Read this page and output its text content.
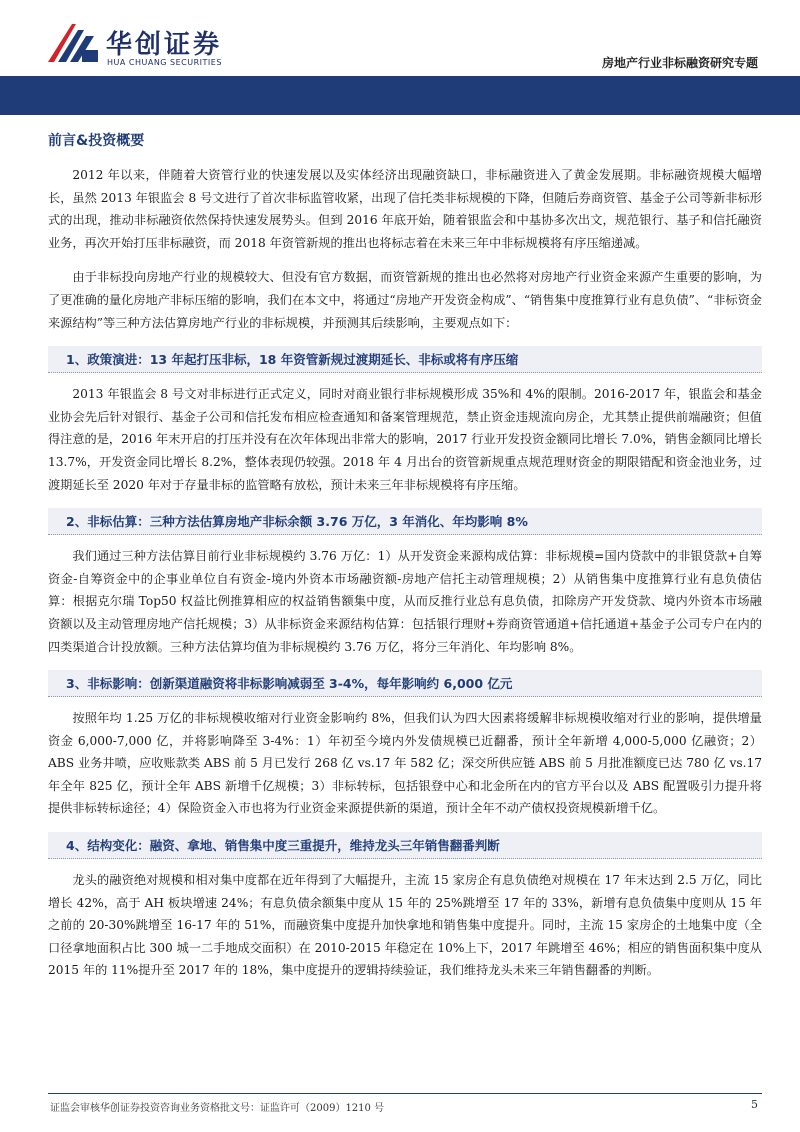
华创证券
HUA CHUANG SECURITIES	房地产行业非标融资研究专题
前言&投资概要

2012 年以来，伴随着大资管行业的快速发展以及实体经济出现融资缺口，非标融资进入了黄金发展期。非标融资规模大幅增长，虽然 2013 年银监会 8 号文进行了首次非标监管收紧，出现了信托类非标规模的下降，但随后券商资管、基金子公司等新非标形式的出现，推动非标融资依然保持快速发展势头。但到 2016 年底开始，随着银监会和中基协多次出文，规范银行、基子和信托融资业务，再次开始打压非标融资，而 2018 年资管新规的推出也将标志着在未来三年中非标规模将有序压缩递减。

由于非标投向房地产行业的规模较大、但没有官方数据，而资管新规的推出也必然将对房地产行业资金来源产生重要的影响，为了更准确的量化房地产非标压缩的影响，我们在本文中，将通过“房地产开发资金构成”、“销售集中度推算行业有息负债”、“非标资金来源结构”等三种方法估算房地产行业的非标规模，并预测其后续影响，主要观点如下：

1、政策演进：13 年起打压非标，18 年资管新规过渡期延长、非标或将有序压缩

2013 年银监会 8 号文对非标进行正式定义，同时对商业银行非标规模形成 35%和 4%的限制。2016-2017 年，银监会和基金业协会先后针对银行、基金子公司和信托发布相应检查通知和备案管理规范，禁止资金违规流向房企，尤其禁止提供前端融资；但值得注意的是，2016 年末开启的打压并没有在次年体现出非常大的影响，2017 行业开发投资金额同比增长 7.0%，销售金额同比增长 13.7%，开发资金同比增长 8.2%，整体表现仍较强。2018 年 4 月出台的资管新规重点规范理财资金的期限错配和资金池业务，过渡期延长至 2020 年对于存量非标的监管略有放松，预计未来三年非标规模将有序压缩。

2、非标估算：三种方法估算房地产非标余额 3.76 万亿，3 年消化、年均影响 8%

我们通过三种方法估算目前行业非标规模约 3.76 万亿：1）从开发资金来源构成估算：非标规模=国内贷款中的非银贷款+自筹资金-自筹资金中的企事业单位自有资金-境内外资本市场融资额-房地产信托主动管理规模；2）从销售集中度推算行业有息负债估算：根据克尔瑞 Top50 权益比例推算相应的权益销售额集中度，从而反推行业总有息负债，扣除房产开发贷款、境内外资本市场融资额以及主动管理房地产信托规模；3）从非标资金来源结构估算：包括银行理财+券商资管通道+信托通道+基金子公司专户在内的四类渠道合计投放额。三种方法估算均值为非标规模约 3.76 万亿，将分三年消化、年均影响 8%。

3、非标影响：创新渠道融资将非标影响减弱至 3-4%，每年影响约 6,000 亿元

按照年均 1.25 万亿的非标规模收缩对行业资金影响约 8%，但我们认为四大因素将缓解非标规模收缩对行业的影响，提供增量资金 6,000-7,000 亿，并将影响降至 3-4%：1）年初至今境内外发债规模已近翻番，预计全年新增 4,000-5,000 亿融资；2）ABS 业务井喷，应收账款类 ABS 前 5 月已发行 268 亿 vs.17 年 582 亿；深交所供应链 ABS 前 5 月批准额度已达 780 亿 vs.17 年全年 825 亿，预计全年 ABS 新增千亿规模；3）非标转标，包括银登中心和北金所在内的官方平台以及 ABS 配置吸引力提升将提供非标转标途径；4）保险资金入市也将为行业资金来源提供新的渠道，预计全年不动产债权投资规模新增千亿。

4、结构变化：融资、拿地、销售集中度三重提升，维持龙头三年销售翻番判断

龙头的融资绝对规模和相对集中度都在近年得到了大幅提升，主流 15 家房企有息负债绝对规模在 17 年末达到 2.5 万亿，同比增长 42%，高于 AH 板块增速 24%；有息负债余额集中度从 15 年的 25%跳增至 17 年的 33%，新增有息负债集中度则从 15 年之前的 20-30%跳增至 16-17 年的 51%，而融资集中度提升加快拿地和销售集中度提升。同时，主流 15 家房企的土地集中度（全口径拿地面积占比 300 城一二手地成交面积）在 2010-2015 年稳定在 10%上下，2017 年跳增至 46%；相应的销售面积集中度从 2015 年的 11%提升至 2017 年的 18%，集中度提升的逻辑持续验证，我们维持龙头未来三年销售翻番的判断。

证监会审核华创证券投资咨询业务资格批文号：证监许可（2009）1210 号	5
